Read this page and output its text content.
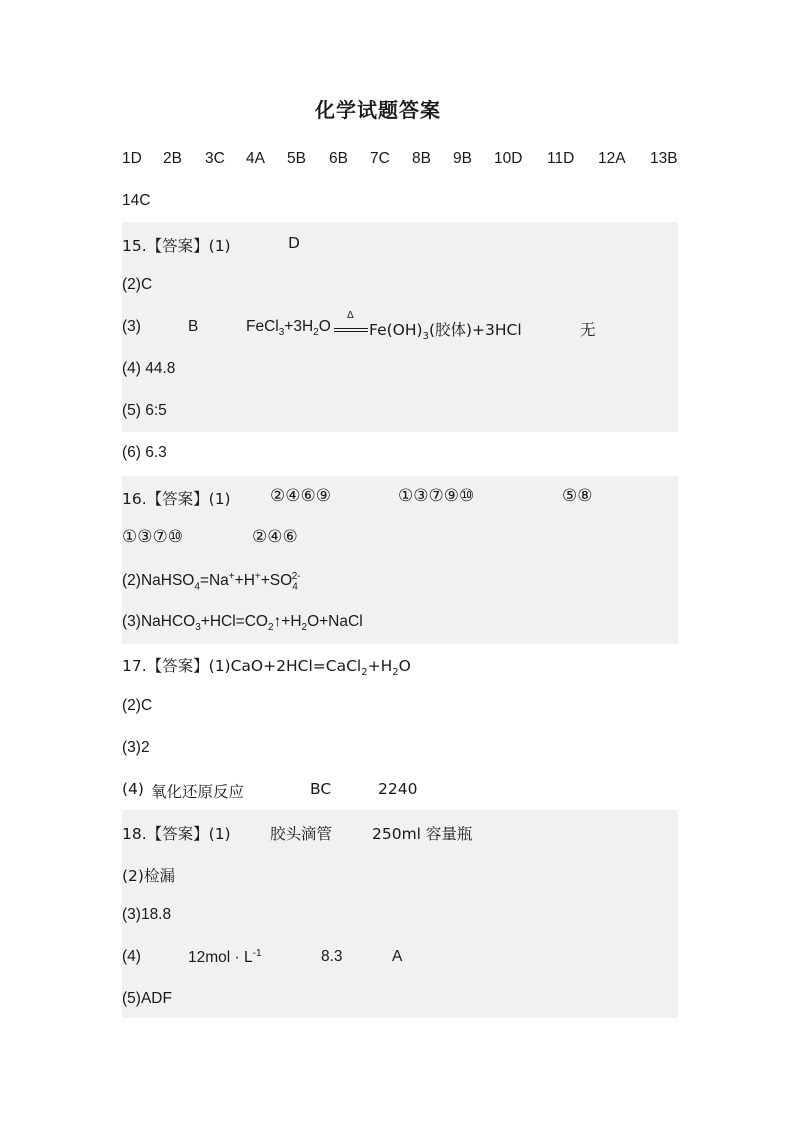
化学试题答案
1D 2B 3C 4A 5B 6B 7C 8B 9B 10D 11D 12A 13B
14C
15.【答案】(1)	D
(2)C
(3)	B	$FeCl_3+3H_2O$
Δ
$Fe(OH)_3$(胶体)+3HCl	无
(4) 44.8
(5) 6:5
(6) 6.3
16.【答案】(1) ②④⑥⑨	①③⑦⑨⑩	⑤⑧
①③⑦⑩	②④⑥
$(2)NaHSO_4=Na^++H^++SO_4^{2-}$
$(3)NaHCO_3+HCl=CO_2↑+H_2O+NaCl$
17.【答案】$(1)CaO+2HCl=CaCl_2+H_2O$
(2)C
(3)2
(4) 氧化还原反应	BC	2240
18.【答案】(1)	胶头滴管	250ml 容量瓶
(2)检漏
(3)18.8
(4)	$12mol \cdot L^{-1}$	8.3	A
(5)ADF
